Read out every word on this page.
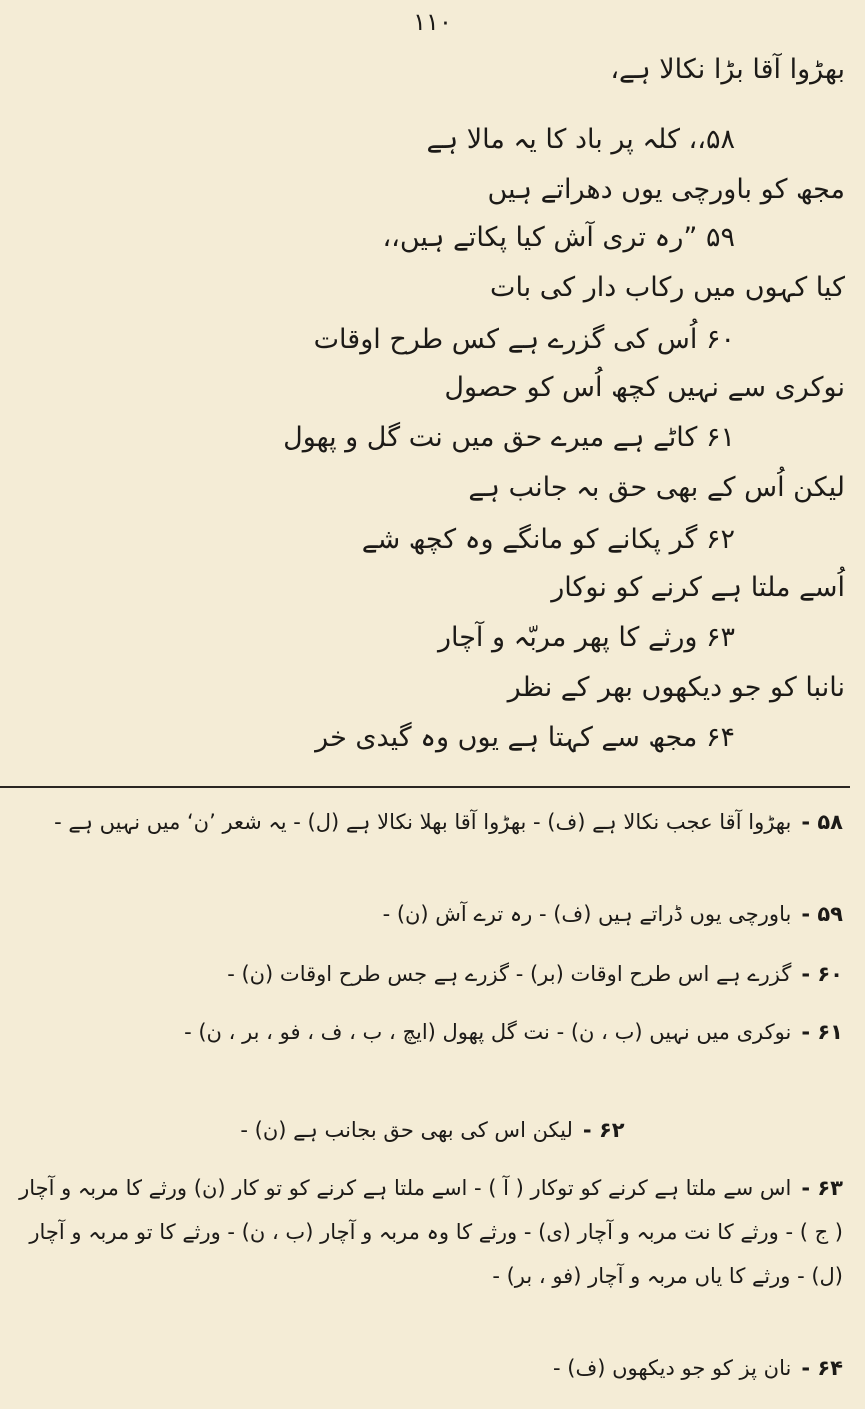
۱۱۰
بھڑوا آقا بڑا نکالا ہے،
۵۸،، کلہ پر باد کا یہ مالا ہے
مجھ کو باورچی یوں دھراتے ہیں
۵۹ ”رہ تری آش کیا پکاتے ہیں،،
کیا کہوں میں رکاب دار کی بات
۶۰ اُس کی گزرے ہے کس طرح اوقات
نوکری سے نہیں کچھ اُس کو حصول
۶۱ کاٹے ہے میرے حق میں نت گل و پھول
لیکن اُس کے بھی حق بہ جانب ہے
۶۲ گر پکانے کو مانگے وہ کچھ شے
اُسے ملتا ہے کرنے کو نوکار
۶۳ ورثے کا پھر مربّہ و آچار
نانبا کو جو دیکھوں بھر کے نظر
۶۴ مجھ سے کہتا ہے یوں وہ گیدی خر
۵۸ -بھڑوا آقا عجب نکالا ہے (ف) - بھڑوا آقا بھلا نکالا ہے (ل) - یہ شعر ’ن‘ میں نہیں ہے -
۵۹ -باورچی یوں ڈراتے ہیں (ف) - رہ ترے آش (ن) -
۶۰ -گزرے ہے اس طرح اوقات (بر) - گزرے ہے جس طرح اوقات (ن) -
۶۱ -نوکری میں نہیں (ب ، ن) - نت گل پھول (ایچ ، ب ، ف ، فو ، بر ، ن) -
۶۲ -لیکن اس کی بھی حق بجانب ہے (ن) -
۶۳ -اس سے ملتا ہے کرنے کو توکار ( آ ) - اسے ملتا ہے کرنے کو تو کار (ن) ورثے کا مربہ و آچار ( ج ) - ورثے کا نت مربہ و آچار (ی) - ورثے کا وہ مربہ و آچار (ب ، ن) - ورثے کا تو مربہ و آچار (ل) - ورثے کا یاں مربہ و آچار (فو ، بر) -
۶۴ -نان پز کو جو دیکھوں (ف) -
